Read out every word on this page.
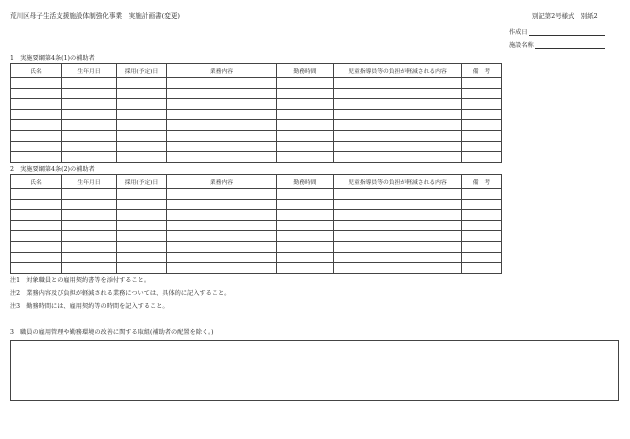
荒川区母子生活支援施設体制強化事業　実施計画書(変更)	別記第2号様式　別紙2
作成日
施設名称
1　実施要綱第4条(1)の補助者
氏名	生年月日	採用(予定)日	業務内容	勤務時間	児童指導員等の負担が軽減される内容	備　考

2　実施要綱第4条(2)の補助者
氏名	生年月日	採用(予定)日	業務内容	勤務時間	児童指導員等の負担が軽減される内容	備　考

注1　対象職員との雇用契約書等を添付すること。
注2　業務内容及び負担が軽減される業務については、具体的に記入すること。
注3　勤務時間には、雇用契約等の時間を記入すること。
3　職員の雇用管理や勤務環境の改善に関する取組(補助者の配置を除く。)
